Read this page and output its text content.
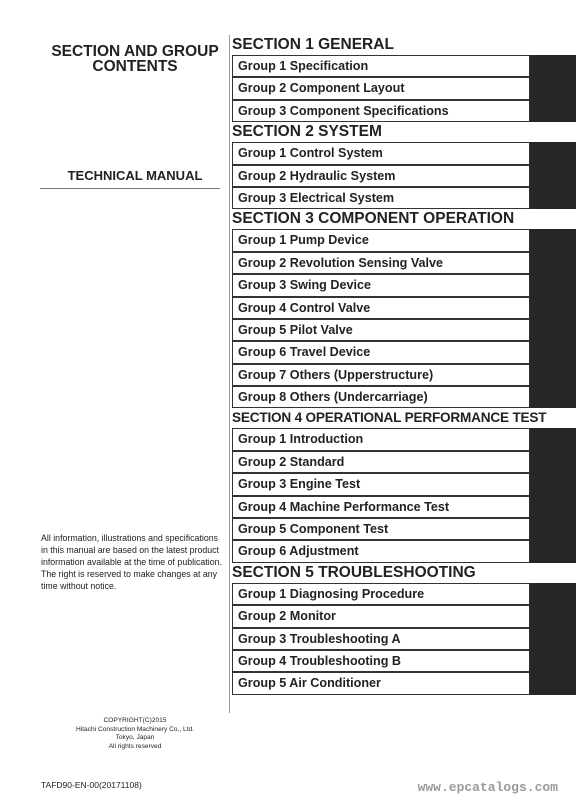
SECTION AND GROUP
CONTENTS
TECHNICAL MANUAL
All information, illustrations and specifications in this manual are based on the latest product information available at the time of publication. The right is reserved to make changes at any time without notice.
COPYRIGHT(C)2015
Hitachi Construction Machinery Co., Ltd.
Tokyo, Japan
All rights reserved
TAFD90-EN-00(20171108)	www.epcatalogs.com
SECTION 1 GENERAL
Group 1 Specification
Group 2 Component Layout
Group 3 Component Specifications
SECTION 2 SYSTEM
Group 1 Control System
Group 2 Hydraulic System
Group 3 Electrical System
SECTION 3 COMPONENT OPERATION
Group 1 Pump Device
Group 2 Revolution Sensing Valve
Group 3 Swing Device
Group 4 Control Valve
Group 5 Pilot Valve
Group 6 Travel Device
Group 7 Others (Upperstructure)
Group 8 Others (Undercarriage)
SECTION 4 OPERATIONAL PERFORMANCE TEST
Group 1 Introduction
Group 2 Standard
Group 3 Engine Test
Group 4 Machine Performance Test
Group 5 Component Test
Group 6 Adjustment
SECTION 5 TROUBLESHOOTING
Group 1 Diagnosing Procedure
Group 2 Monitor
Group 3 Troubleshooting A
Group 4 Troubleshooting B
Group 5 Air Conditioner
